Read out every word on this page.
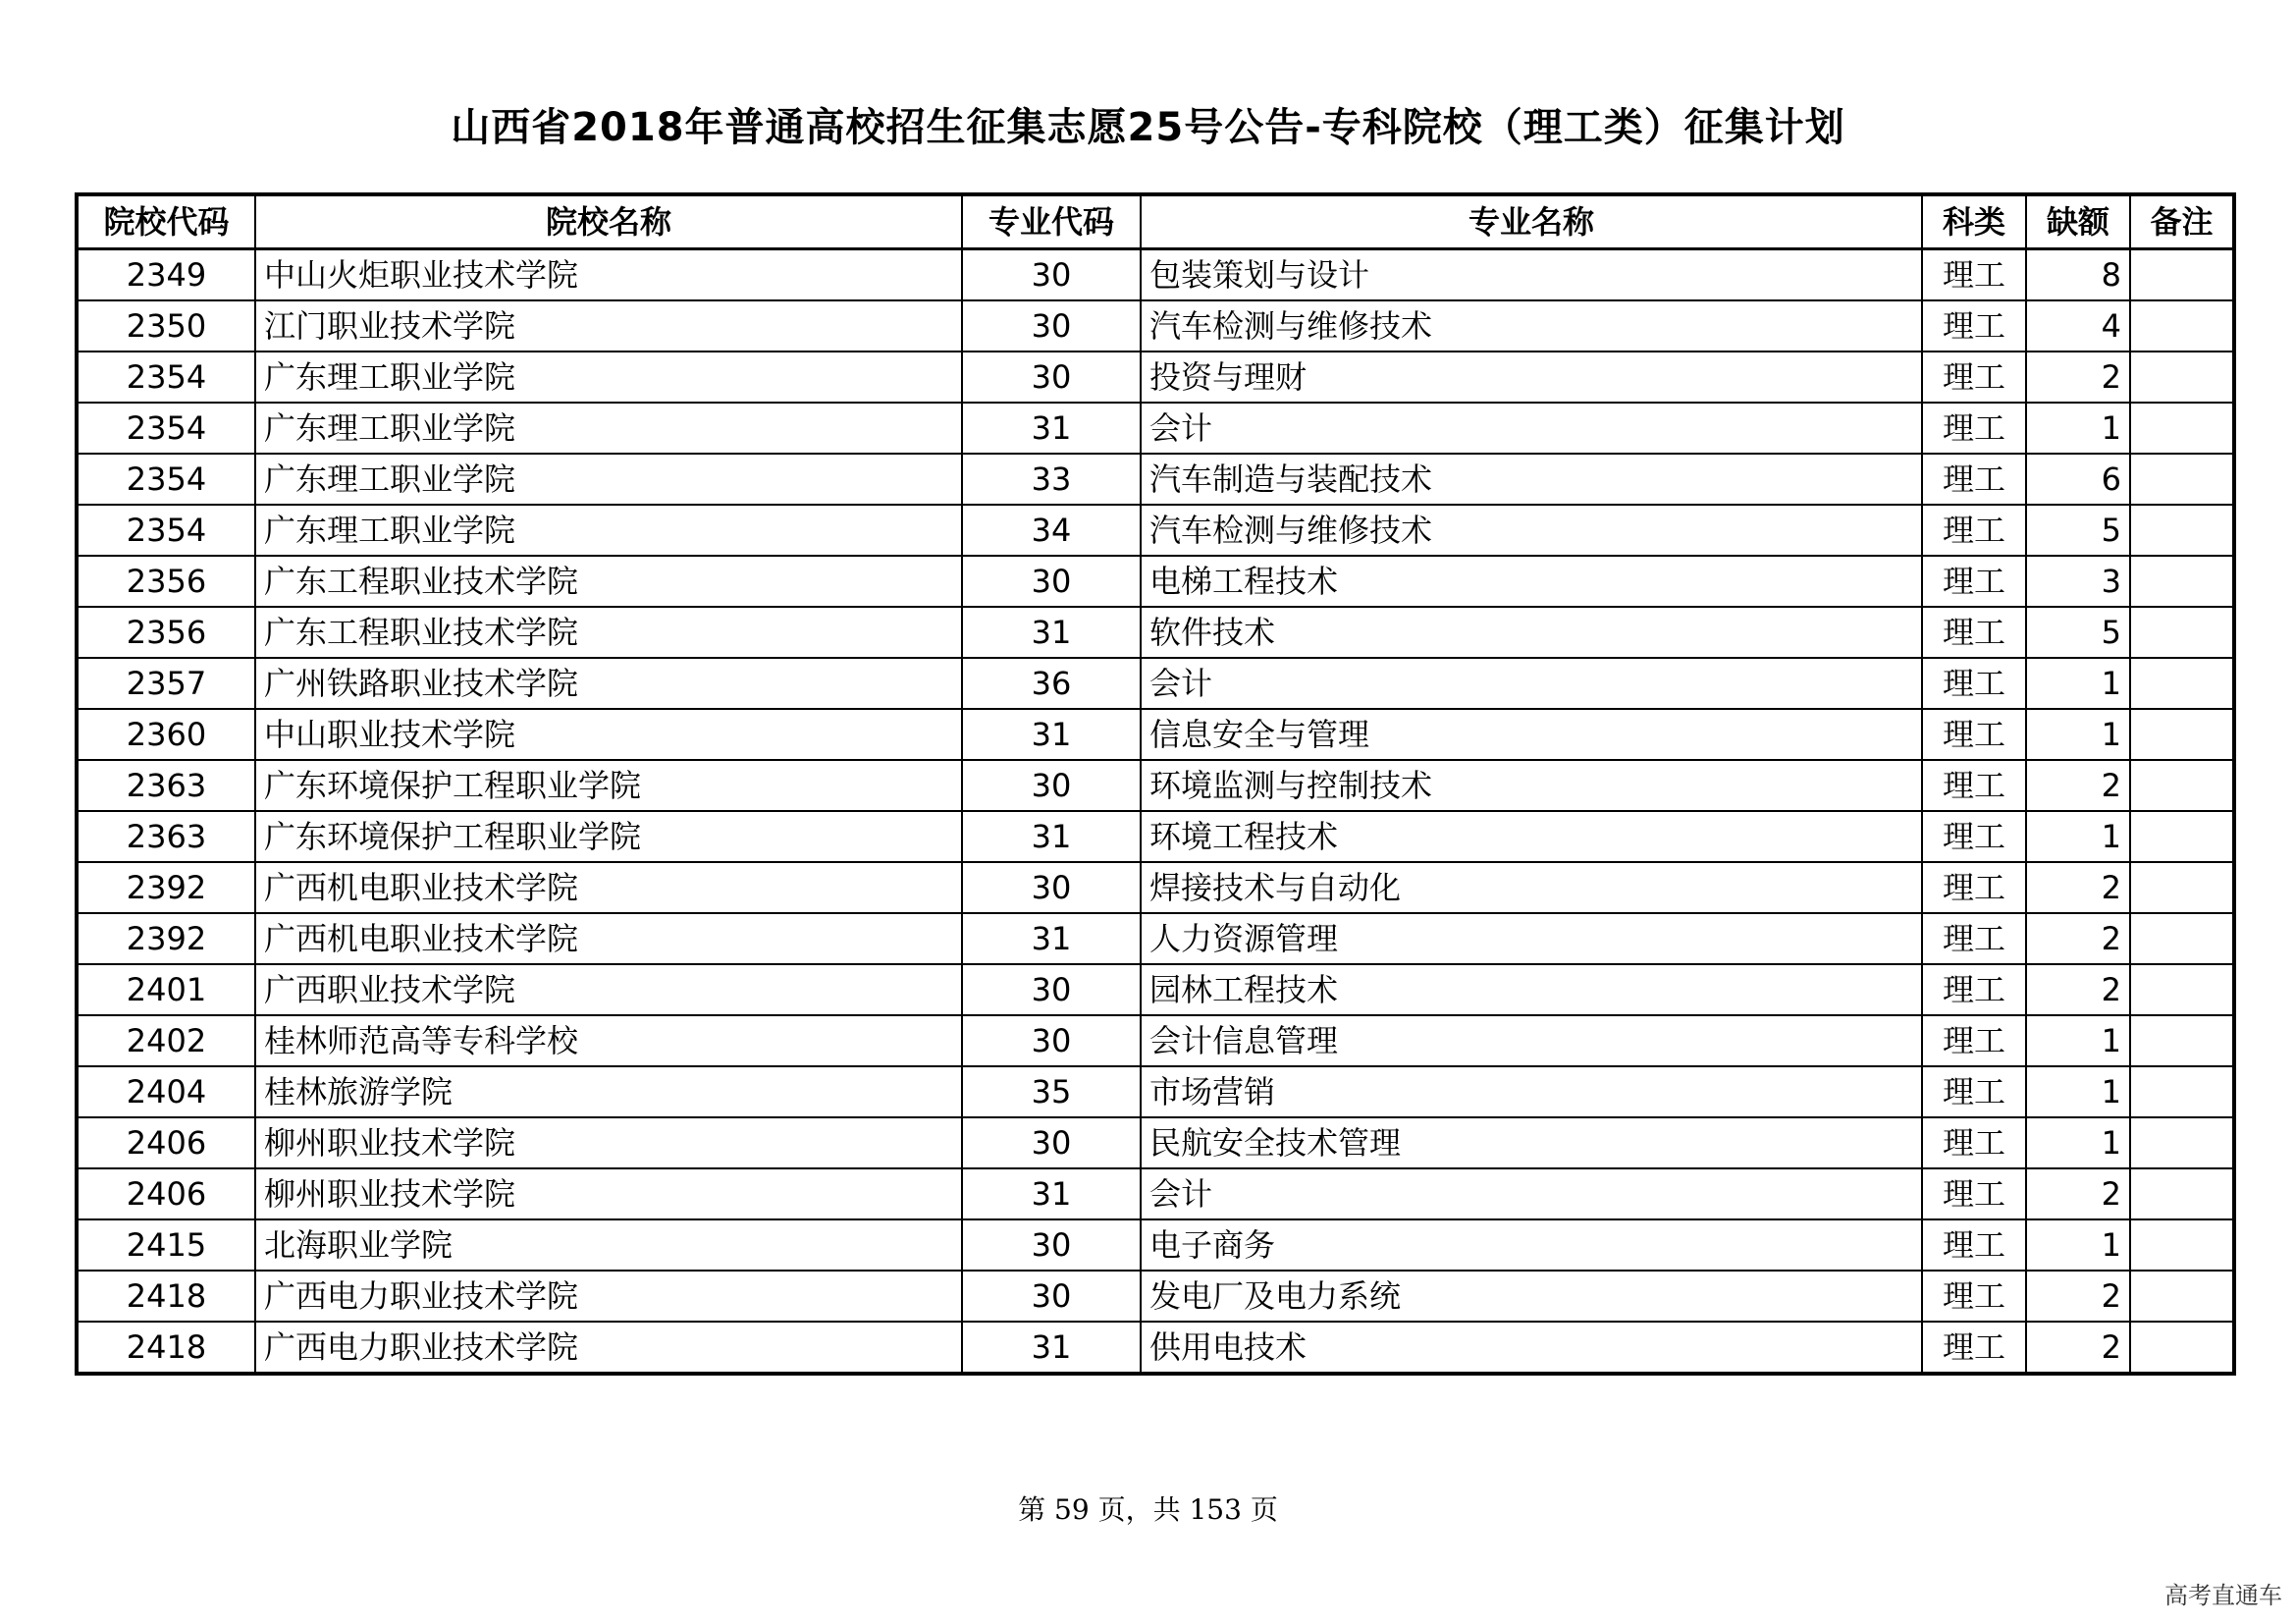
山西省2018年普通高校招生征集志愿25号公告-专科院校（理工类）征集计划
院校代码	院校名称	专业代码	专业名称	科类	缺额	备注
2349	中山火炬职业技术学院	30	包装策划与设计	理工	8	
2350	江门职业技术学院	30	汽车检测与维修技术	理工	4	
2354	广东理工职业学院	30	投资与理财	理工	2	
2354	广东理工职业学院	31	会计	理工	1	
2354	广东理工职业学院	33	汽车制造与装配技术	理工	6	
2354	广东理工职业学院	34	汽车检测与维修技术	理工	5	
2356	广东工程职业技术学院	30	电梯工程技术	理工	3	
2356	广东工程职业技术学院	31	软件技术	理工	5	
2357	广州铁路职业技术学院	36	会计	理工	1	
2360	中山职业技术学院	31	信息安全与管理	理工	1	
2363	广东环境保护工程职业学院	30	环境监测与控制技术	理工	2	
2363	广东环境保护工程职业学院	31	环境工程技术	理工	1	
2392	广西机电职业技术学院	30	焊接技术与自动化	理工	2	
2392	广西机电职业技术学院	31	人力资源管理	理工	2	
2401	广西职业技术学院	30	园林工程技术	理工	2	
2402	桂林师范高等专科学校	30	会计信息管理	理工	1	
2404	桂林旅游学院	35	市场营销	理工	1	
2406	柳州职业技术学院	30	民航安全技术管理	理工	1	
2406	柳州职业技术学院	31	会计	理工	2	
2415	北海职业学院	30	电子商务	理工	1	
2418	广西电力职业技术学院	30	发电厂及电力系统	理工	2	
2418	广西电力职业技术学院	31	供用电技术	理工	2	
第 59 页，共 153 页
高考直通车
